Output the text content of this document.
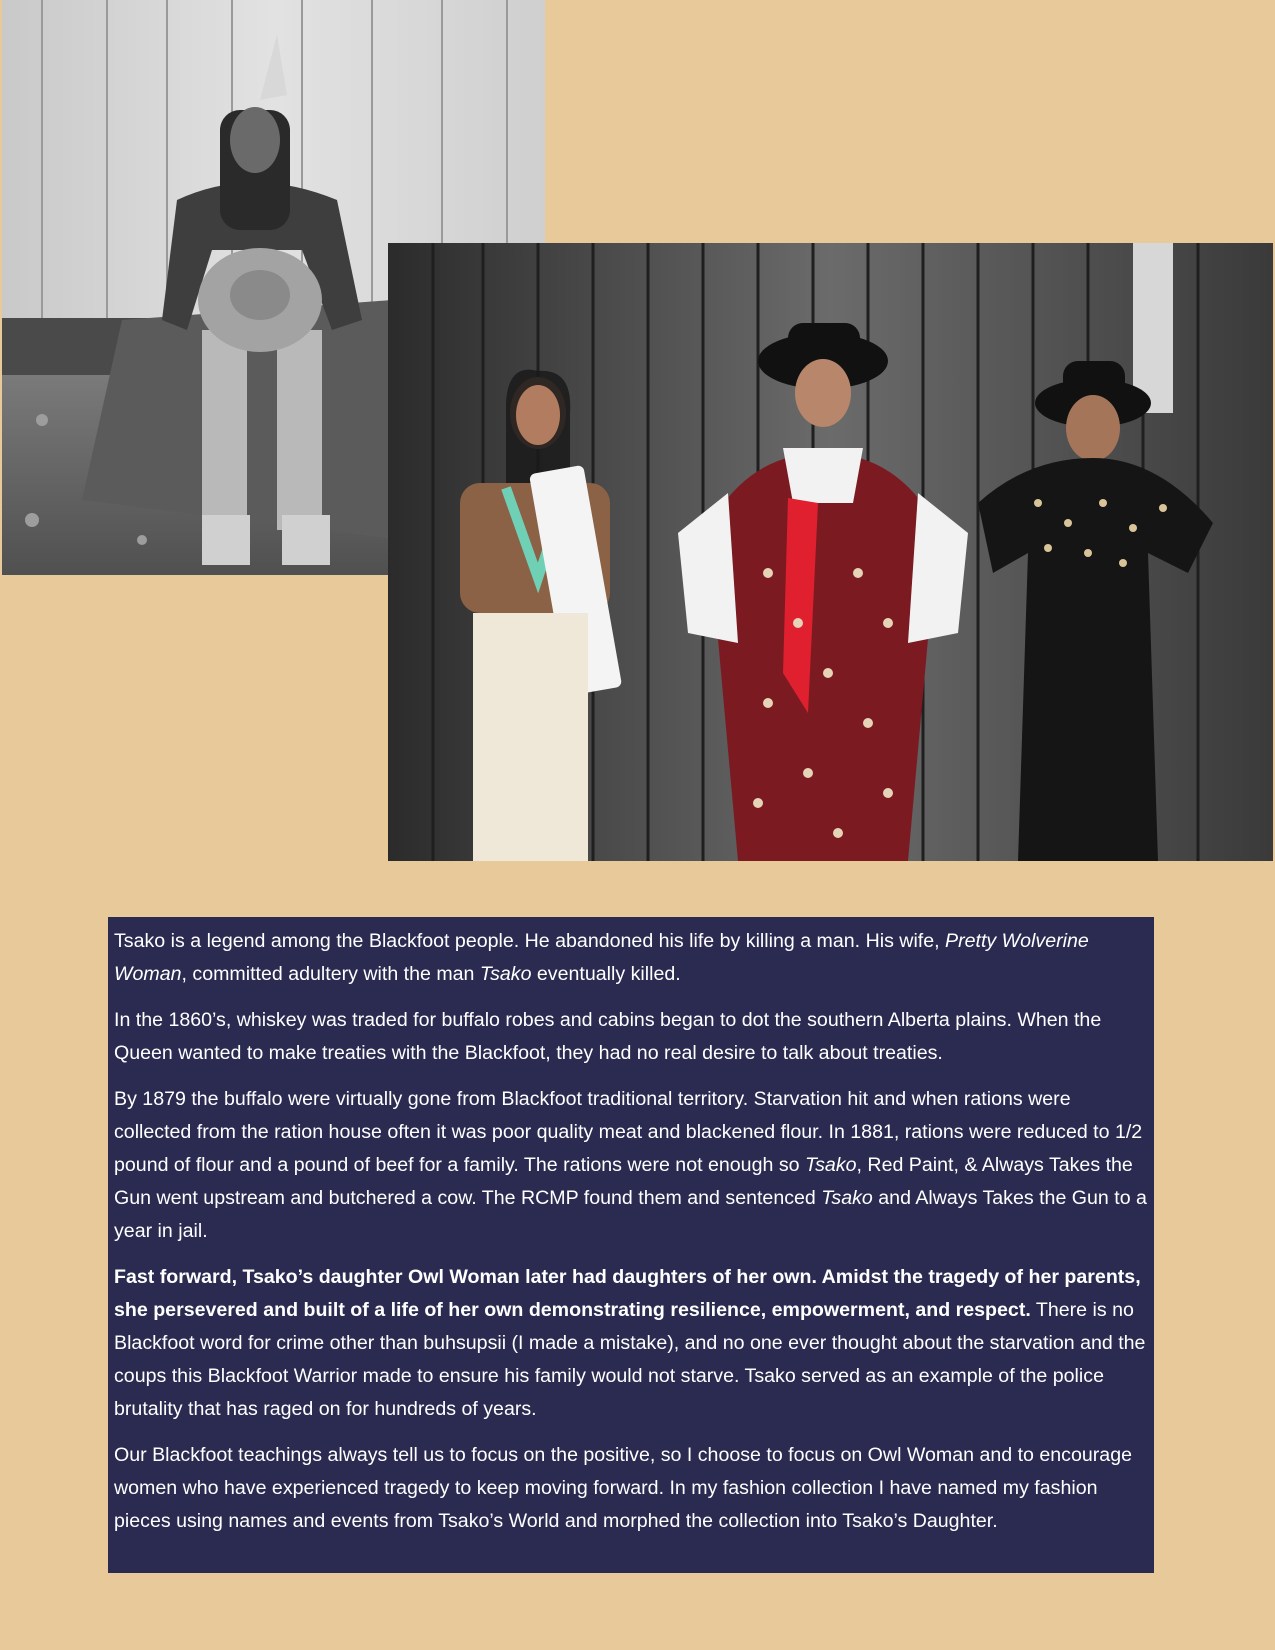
Tsako is a legend among the Blackfoot people. He abandoned his life by killing a man. His wife, Pretty Wolverine Woman, committed adultery with the man Tsako eventually killed.

In the 1860’s, whiskey was traded for buffalo robes and cabins began to dot the southern Alberta plains. When the Queen wanted to make treaties with the Blackfoot, they had no real desire to talk about treaties.

By 1879 the buffalo were virtually gone from Blackfoot traditional territory. Starvation hit and when rations were collected from the ration house often it was poor quality meat and blackened flour. In 1881, rations were reduced to 1/2 pound of flour and a pound of beef for a family. The rations were not enough so Tsako, Red Paint, & Always Takes the Gun went upstream and butchered a cow. The RCMP found them and sentenced Tsako and Always Takes the Gun to a year in jail.

Fast forward, Tsako’s daughter Owl Woman later had daughters of her own. Amidst the tragedy of her parents, she persevered and built of a life of her own demonstrating resilience, empowerment, and respect. There is no Blackfoot word for crime other than buhsupsii (I made a mistake), and no one ever thought about the starvation and the coups this Blackfoot Warrior made to ensure his family would not starve. Tsako served as an example of the police brutality that has raged on for hundreds of years.

Our Blackfoot teachings always tell us to focus on the positive, so I choose to focus on Owl Woman and to encourage women who have experienced tragedy to keep moving forward. In my fashion collection I have named my fashion pieces using names and events from Tsako’s World and morphed the collection into Tsako’s Daughter.
